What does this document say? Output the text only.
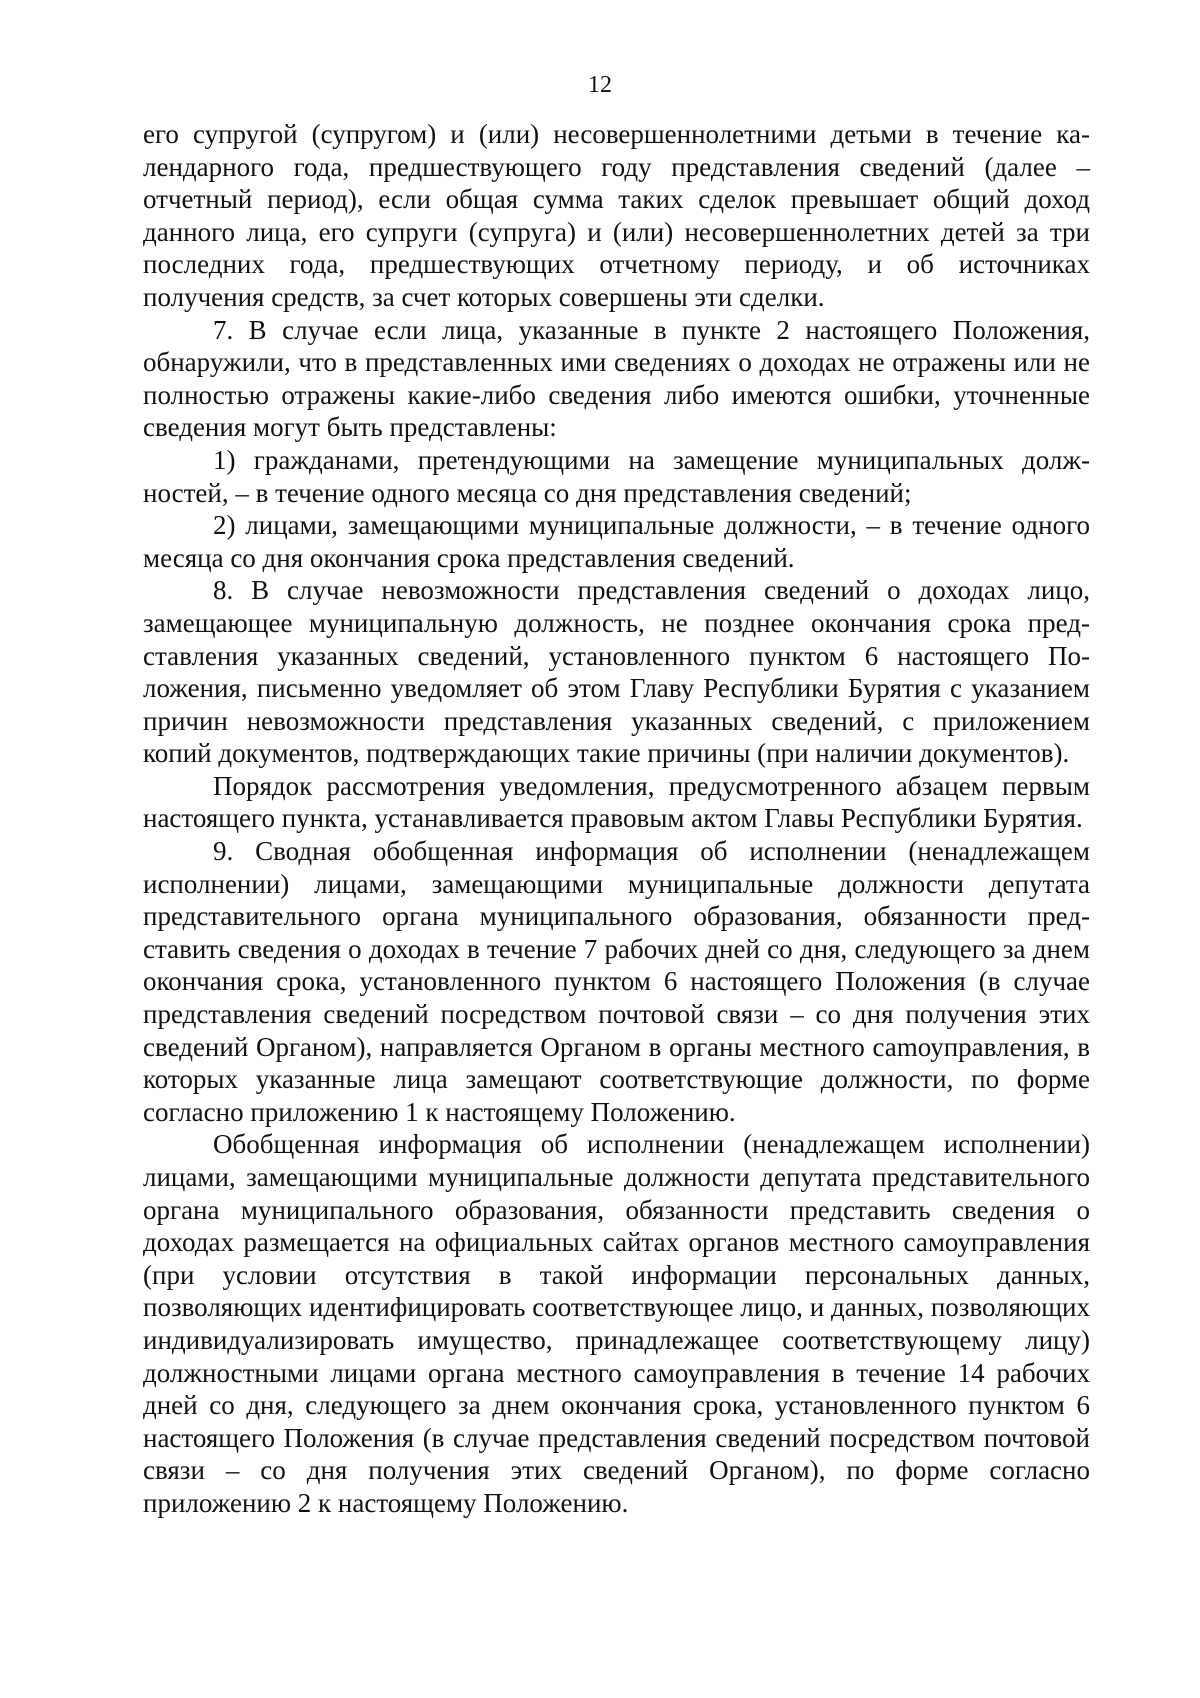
12

его супругой (супругом) и (или) несовершеннолетними детьми в течение календарного года, предшествующего году представления сведений (далее – отчетный период), если общая сумма таких сделок превышает общий доход данного лица, его супруги (супруга) и (или) несовершеннолетних детей за три последних года, предшествующих отчетному периоду, и об источниках получения средств, за счет которых совершены эти сделки.

7. В случае если лица, указанные в пункте 2 настоящего Положения, обнаружили, что в представленных ими сведениях о доходах не отражены или не полностью отражены какие-либо сведения либо имеются ошибки, уточненные сведения могут быть представлены:

1) гражданами, претендующими на замещение муниципальных должностей, – в течение одного месяца со дня представления сведений;

2) лицами, замещающими муниципальные должности, – в течение одного месяца со дня окончания срока представления сведений.

8. В случае невозможности представления сведений о доходах лицо, замещающее муниципальную должность, не позднее окончания срока представления указанных сведений, установленного пунктом 6 настоящего Положения, письменно уведомляет об этом Главу Республики Бурятия с указанием причин невозможности представления указанных сведений, с приложением копий документов, подтверждающих такие причины (при наличии документов).

Порядок рассмотрения уведомления, предусмотренного абзацем первым настоящего пункта, устанавливается правовым актом Главы Республики Бурятия.

9. Сводная обобщенная информация об исполнении (ненадлежащем исполнении) лицами, замещающими муниципальные должности депутата представительного органа муниципального образования, обязанности представить сведения о доходах в течение 7 рабочих дней со дня, следующего за днем окончания срока, установленного пунктом 6 настоящего Положения (в случае представления сведений посредством почтовой связи – со дня получения этих сведений Органом), направляется Органом в органы местного саmоуправления, в которых указанные лица замещают соответствующие должности, по форме согласно приложению 1 к настоящему Положению.

Обобщенная информация об исполнении (ненадлежащем исполнении) лицами, замещающими муниципальные должности депутата представительного органа муниципального образования, обязанности представить сведения о доходах размещается на официальных сайтах органов местного самоупрaвления (при условии отсутствия в такой информации персональных данных, позволяющих идентифицировать соответствующее лицо, и данных, позволяющих индивидуализировать имущество, принадлежащее соответствующему лицу) должностными лицами органа местного самоуправления в течение 14 рабочих дней со дня, следующего за днем окончания срока, установленного пунктом 6 настоящего Положения (в случае представления сведений посредством почтовой связи – со дня получения этих сведений Органом), по форме согласно приложению 2 к настоящему Положению.
